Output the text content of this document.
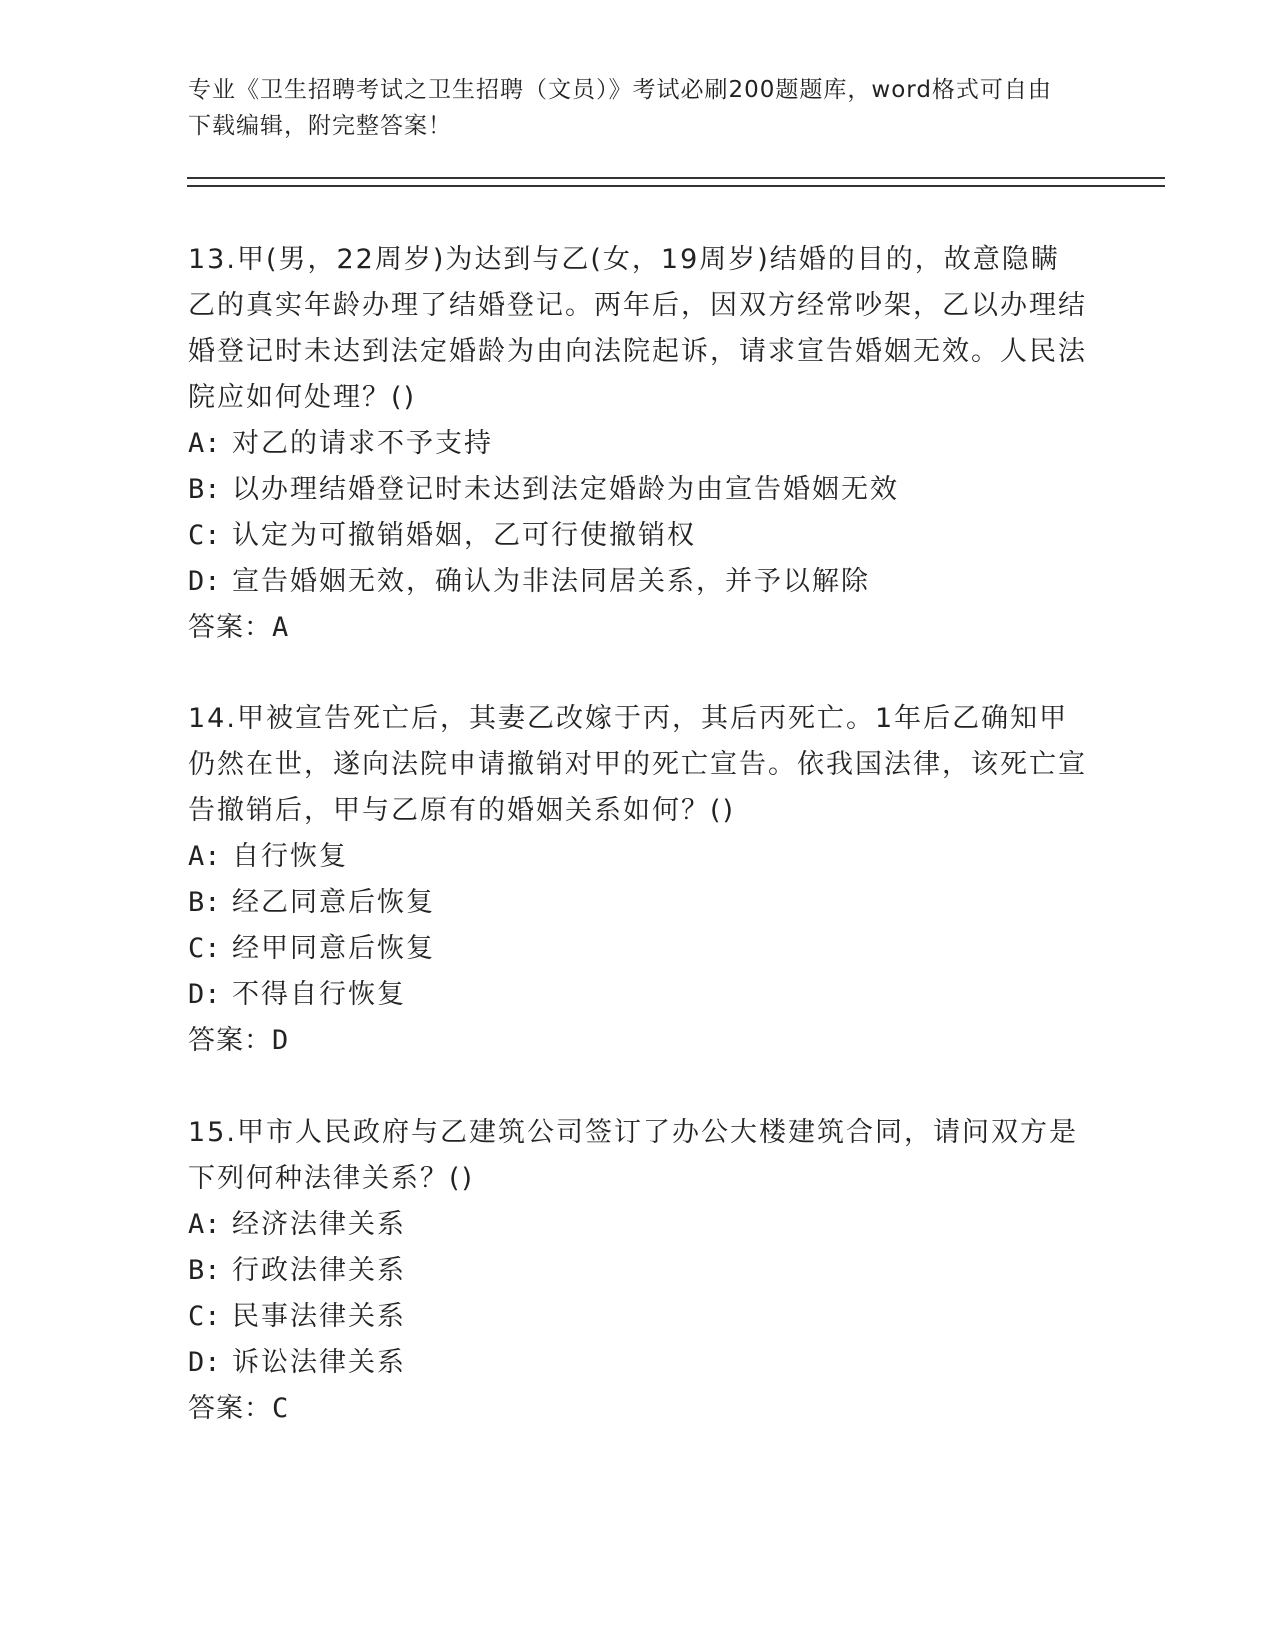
专业《卫生招聘考试之卫生招聘（文员）》考试必刷200题题库，word格式可自由下载编辑，附完整答案！

13.甲(男，22周岁)为达到与乙(女，19周岁)结婚的目的，故意隐瞒乙的真实年龄办理了结婚登记。两年后，因双方经常吵架，乙以办理结婚登记时未达到法定婚龄为由向法院起诉，请求宣告婚姻无效。人民法院应如何处理？()

A: 对乙的请求不予支持

B: 以办理结婚登记时未达到法定婚龄为由宣告婚姻无效

C: 认定为可撤销婚姻，乙可行使撤销权

D: 宣告婚姻无效，确认为非法同居关系，并予以解除

答案：A

14.甲被宣告死亡后，其妻乙改嫁于丙，其后丙死亡。1年后乙确知甲仍然在世，遂向法院申请撤销对甲的死亡宣告。依我国法律，该死亡宣告撤销后，甲与乙原有的婚姻关系如何？()

A: 自行恢复

B: 经乙同意后恢复

C: 经甲同意后恢复

D: 不得自行恢复

答案：D

15.甲市人民政府与乙建筑公司签订了办公大楼建筑合同，请问双方是下列何种法律关系？()

A: 经济法律关系

B: 行政法律关系

C: 民事法律关系

D: 诉讼法律关系

答案：C
